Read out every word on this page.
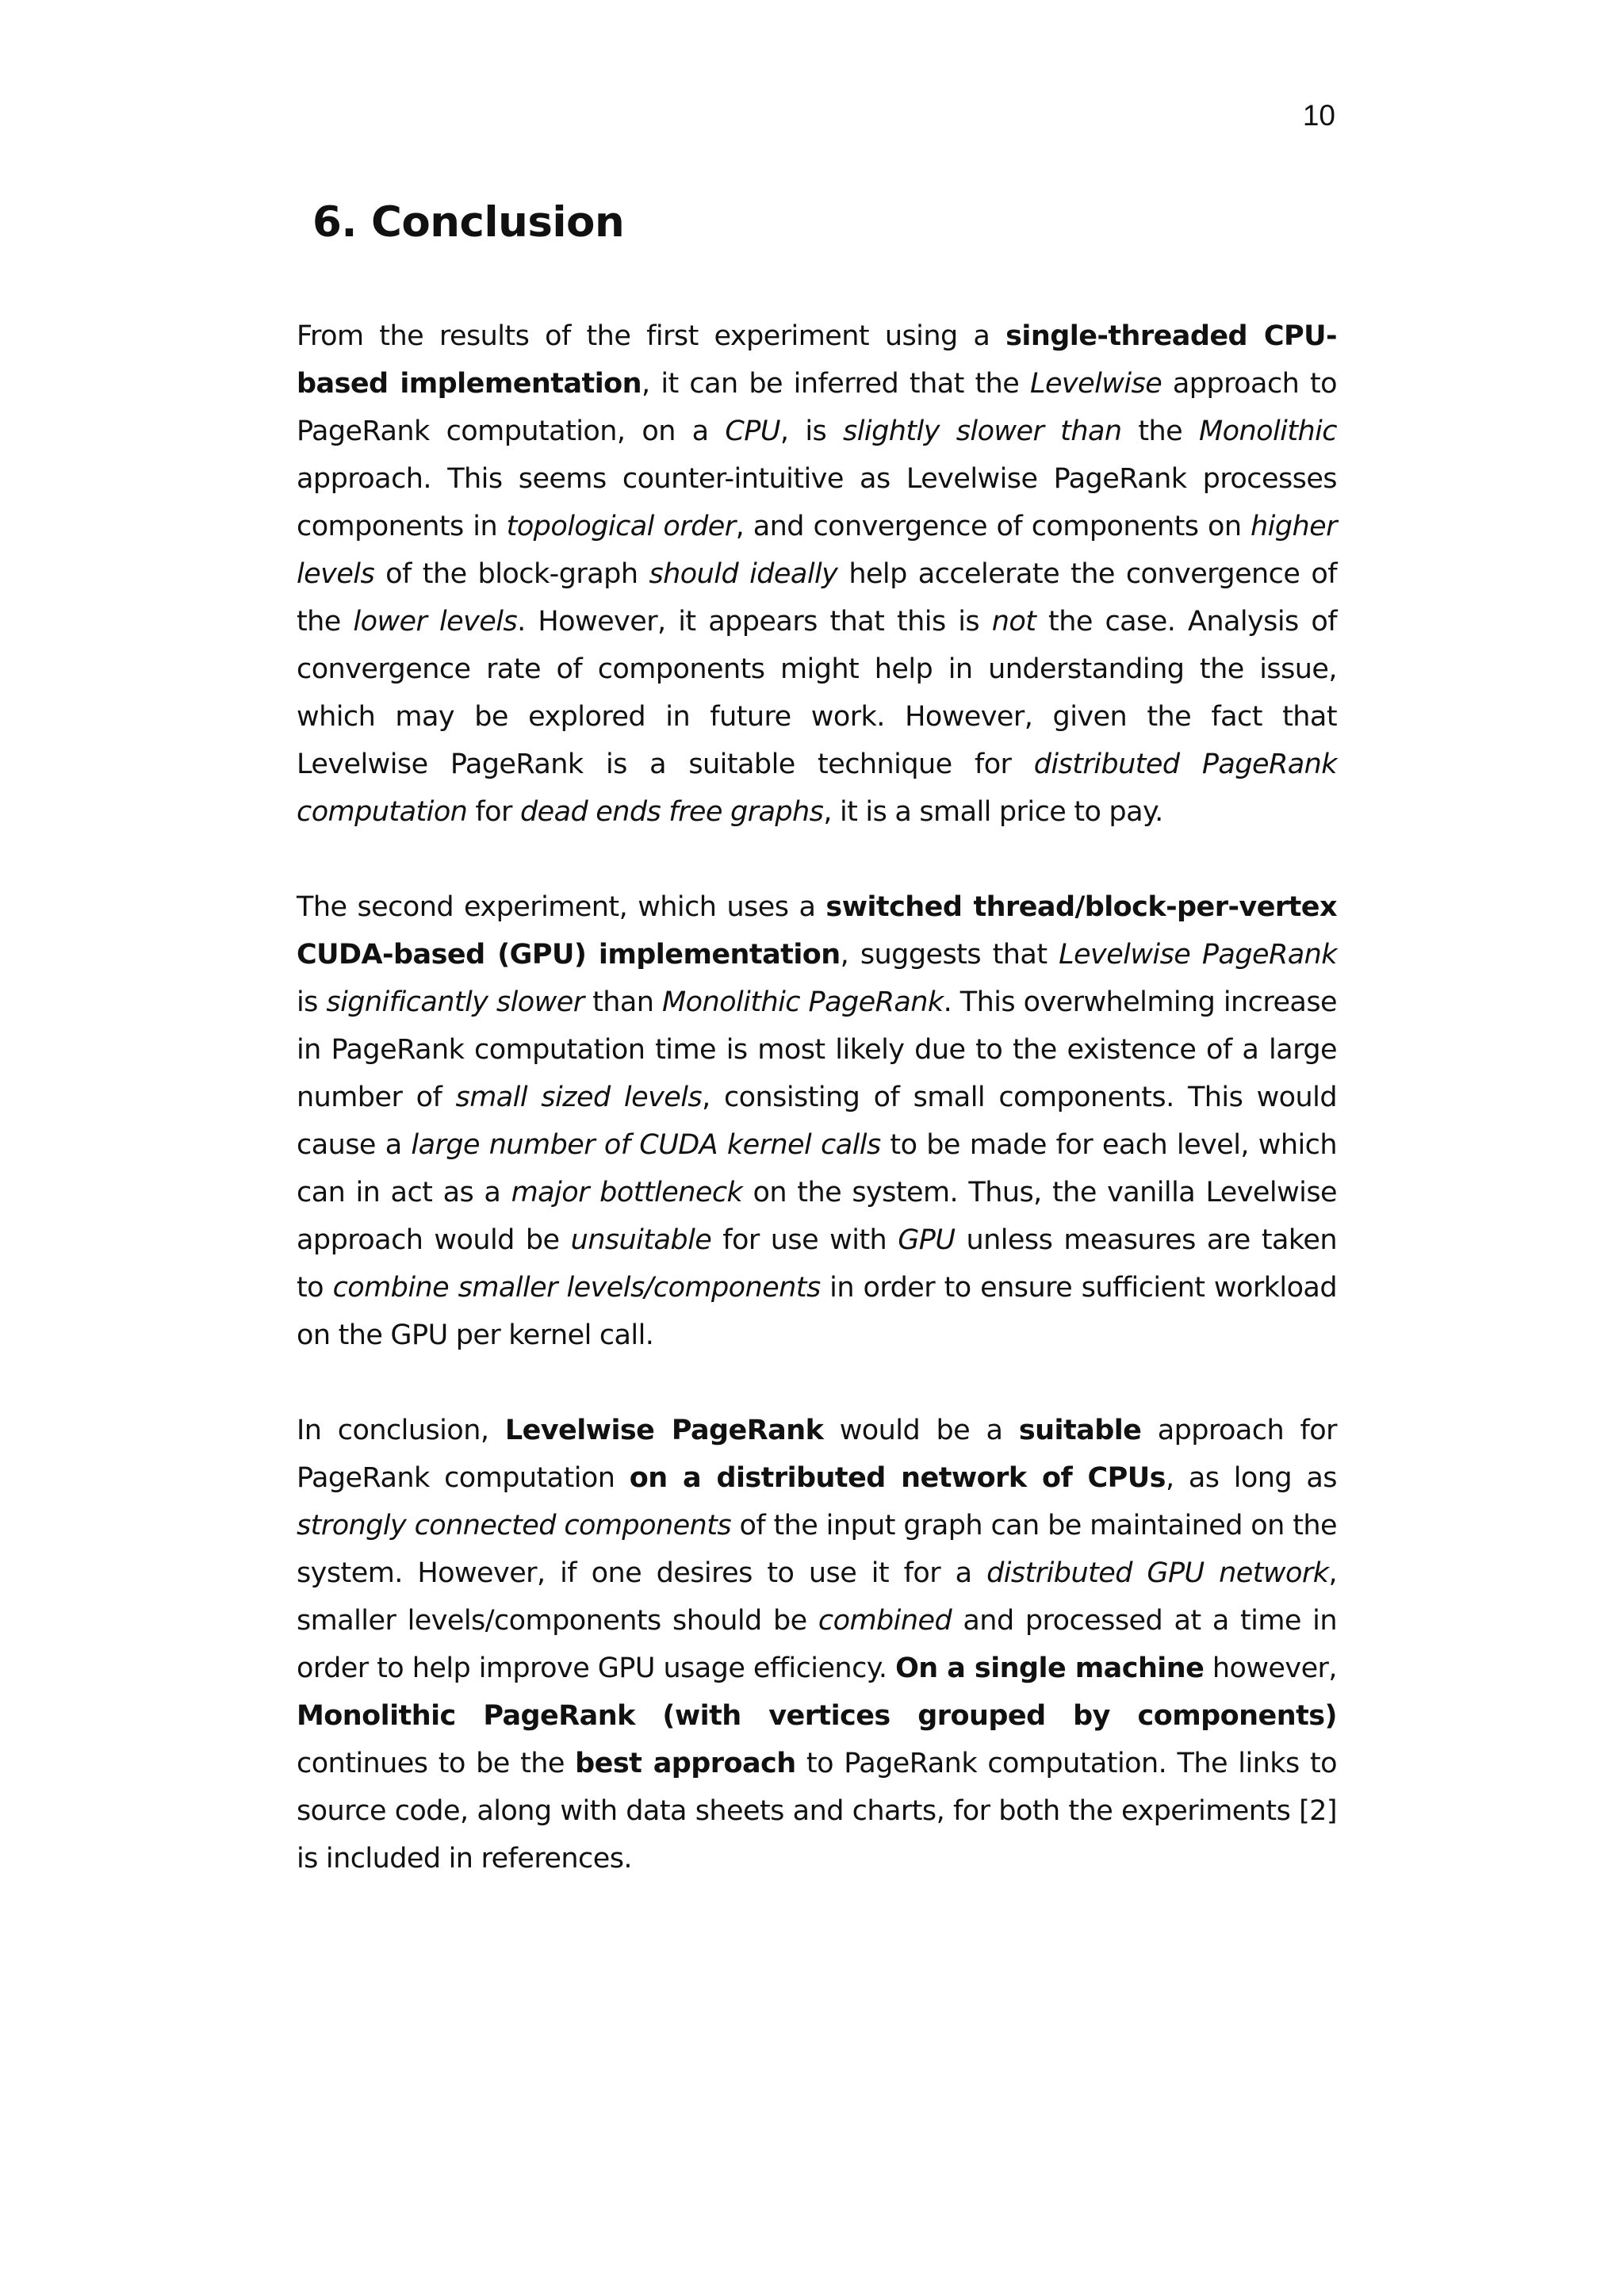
10
6. Conclusion

From the results of the first experiment using a single-threaded CPU-based implementation, it can be inferred that the Levelwise approach to PageRank computation, on a CPU, is slightly slower than the Monolithic approach. This seems counter-intuitive as Levelwise PageRank processes components in topological order, and convergence of components on higher levels of the block-graph should ideally help accelerate the convergence of the lower levels. However, it appears that this is not the case. Analysis of convergence rate of components might help in understanding the issue, which may be explored in future work. However, given the fact that Levelwise PageRank is a suitable technique for distributed PageRank computation for dead ends free graphs, it is a small price to pay.

The second experiment, which uses a switched thread/block-per-vertex CUDA-based (GPU) implementation, suggests that Levelwise PageRank is significantly slower than Monolithic PageRank. This overwhelming increase in PageRank computation time is most likely due to the existence of a large number of small sized levels, consisting of small components. This would cause a large number of CUDA kernel calls to be made for each level, which can in act as a major bottleneck on the system. Thus, the vanilla Levelwise approach would be unsuitable for use with GPU unless measures are taken to combine smaller levels/components in order to ensure sufficient workload on the GPU per kernel call.

In conclusion, Levelwise PageRank would be a suitable approach for PageRank computation on a distributed network of CPUs, as long as strongly connected components of the input graph can be maintained on the system. However, if one desires to use it for a distributed GPU network, smaller levels/components should be combined and processed at a time in order to help improve GPU usage efficiency. On a single machine however, Monolithic PageRank (with vertices grouped by components) continues to be the best approach to PageRank computation. The links to source code, along with data sheets and charts, for both the experiments [2] is included in references.
